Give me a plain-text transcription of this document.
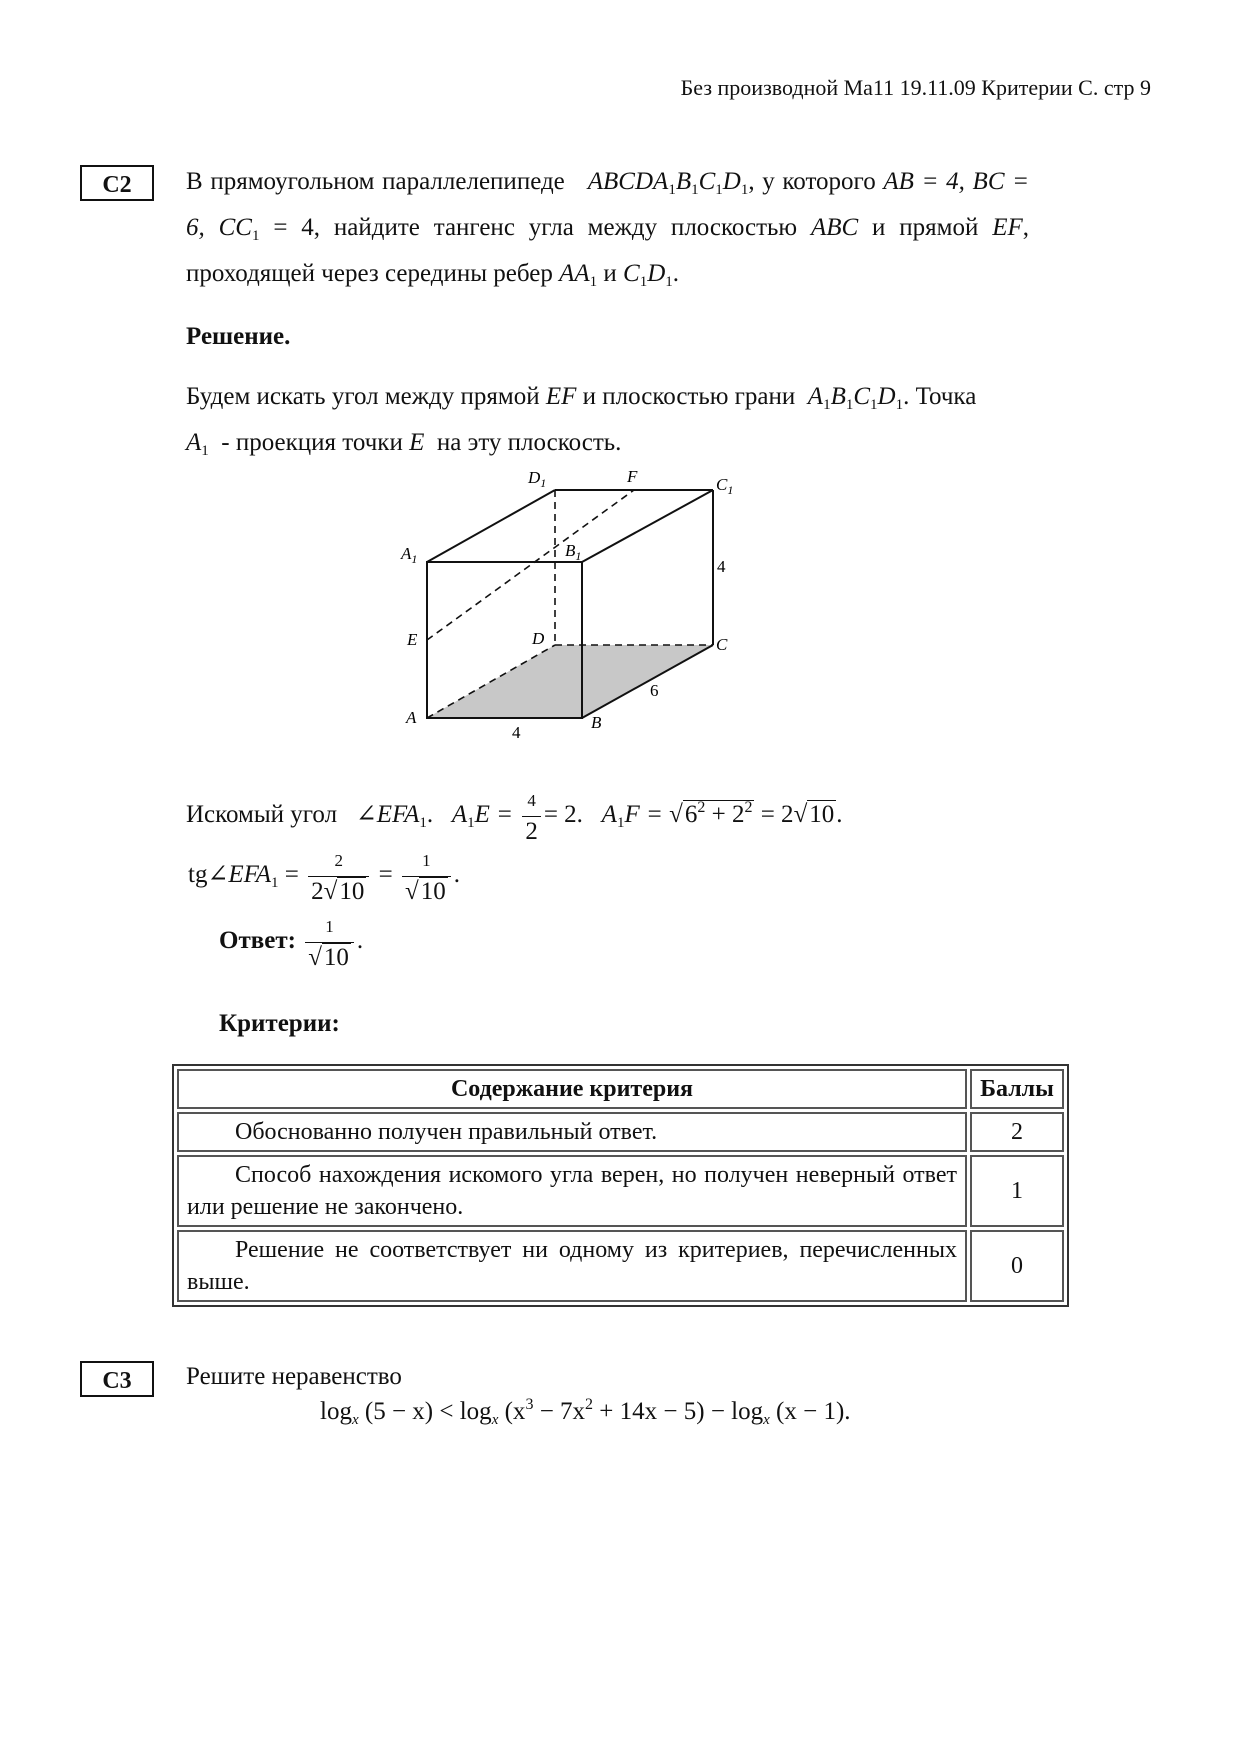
Без производной Ма11 19.11.09 Критерии С. стр 9
C2	В прямоугольном параллелепипеде $ABCDA_1B_1C_1D_1$, у которого AB = 4, BC = 6, $CC_1 = 4$, найдите тангенс угла между плоскостью ABC и прямой EF, проходящей через середины ребер $AA_1$ и $C_1D_1$.
Решение.
Будем искать угол между прямой EF и плоскостью грани $A_1B_1C_1D_1$. Точка
$A_1$ - проекция точки E на эту плоскость.
$D_1$	F	$C_1$
$A_1$	$B_1$
4
E	D	C
6
A	B
4
Искомый угол $\angle EFA_1$.   $A_1E = \frac{4}{2} = 2$. $A_1F = √6^2 + 2^2 = 2√10$.
$tg\angle EFA_1 = \frac{2}{2√10} = \frac{1}{√10}$ .
Ответ: $\frac{1}{√10}$ .
Критерии:
Содержание критерия	Баллы
Обоснованно получен правильный ответ.	2
Способ нахождения искомого угла верен, но получен неверный ответ или решение не закончено.	1
Решение не соответствует ни одному из критериев, перечисленных выше.	0
C3	Решите неравенство
$\log_x (5 - x) < \log_x (x^3 - 7x^2 + 14x - 5) - \log_x (x - 1)$.
